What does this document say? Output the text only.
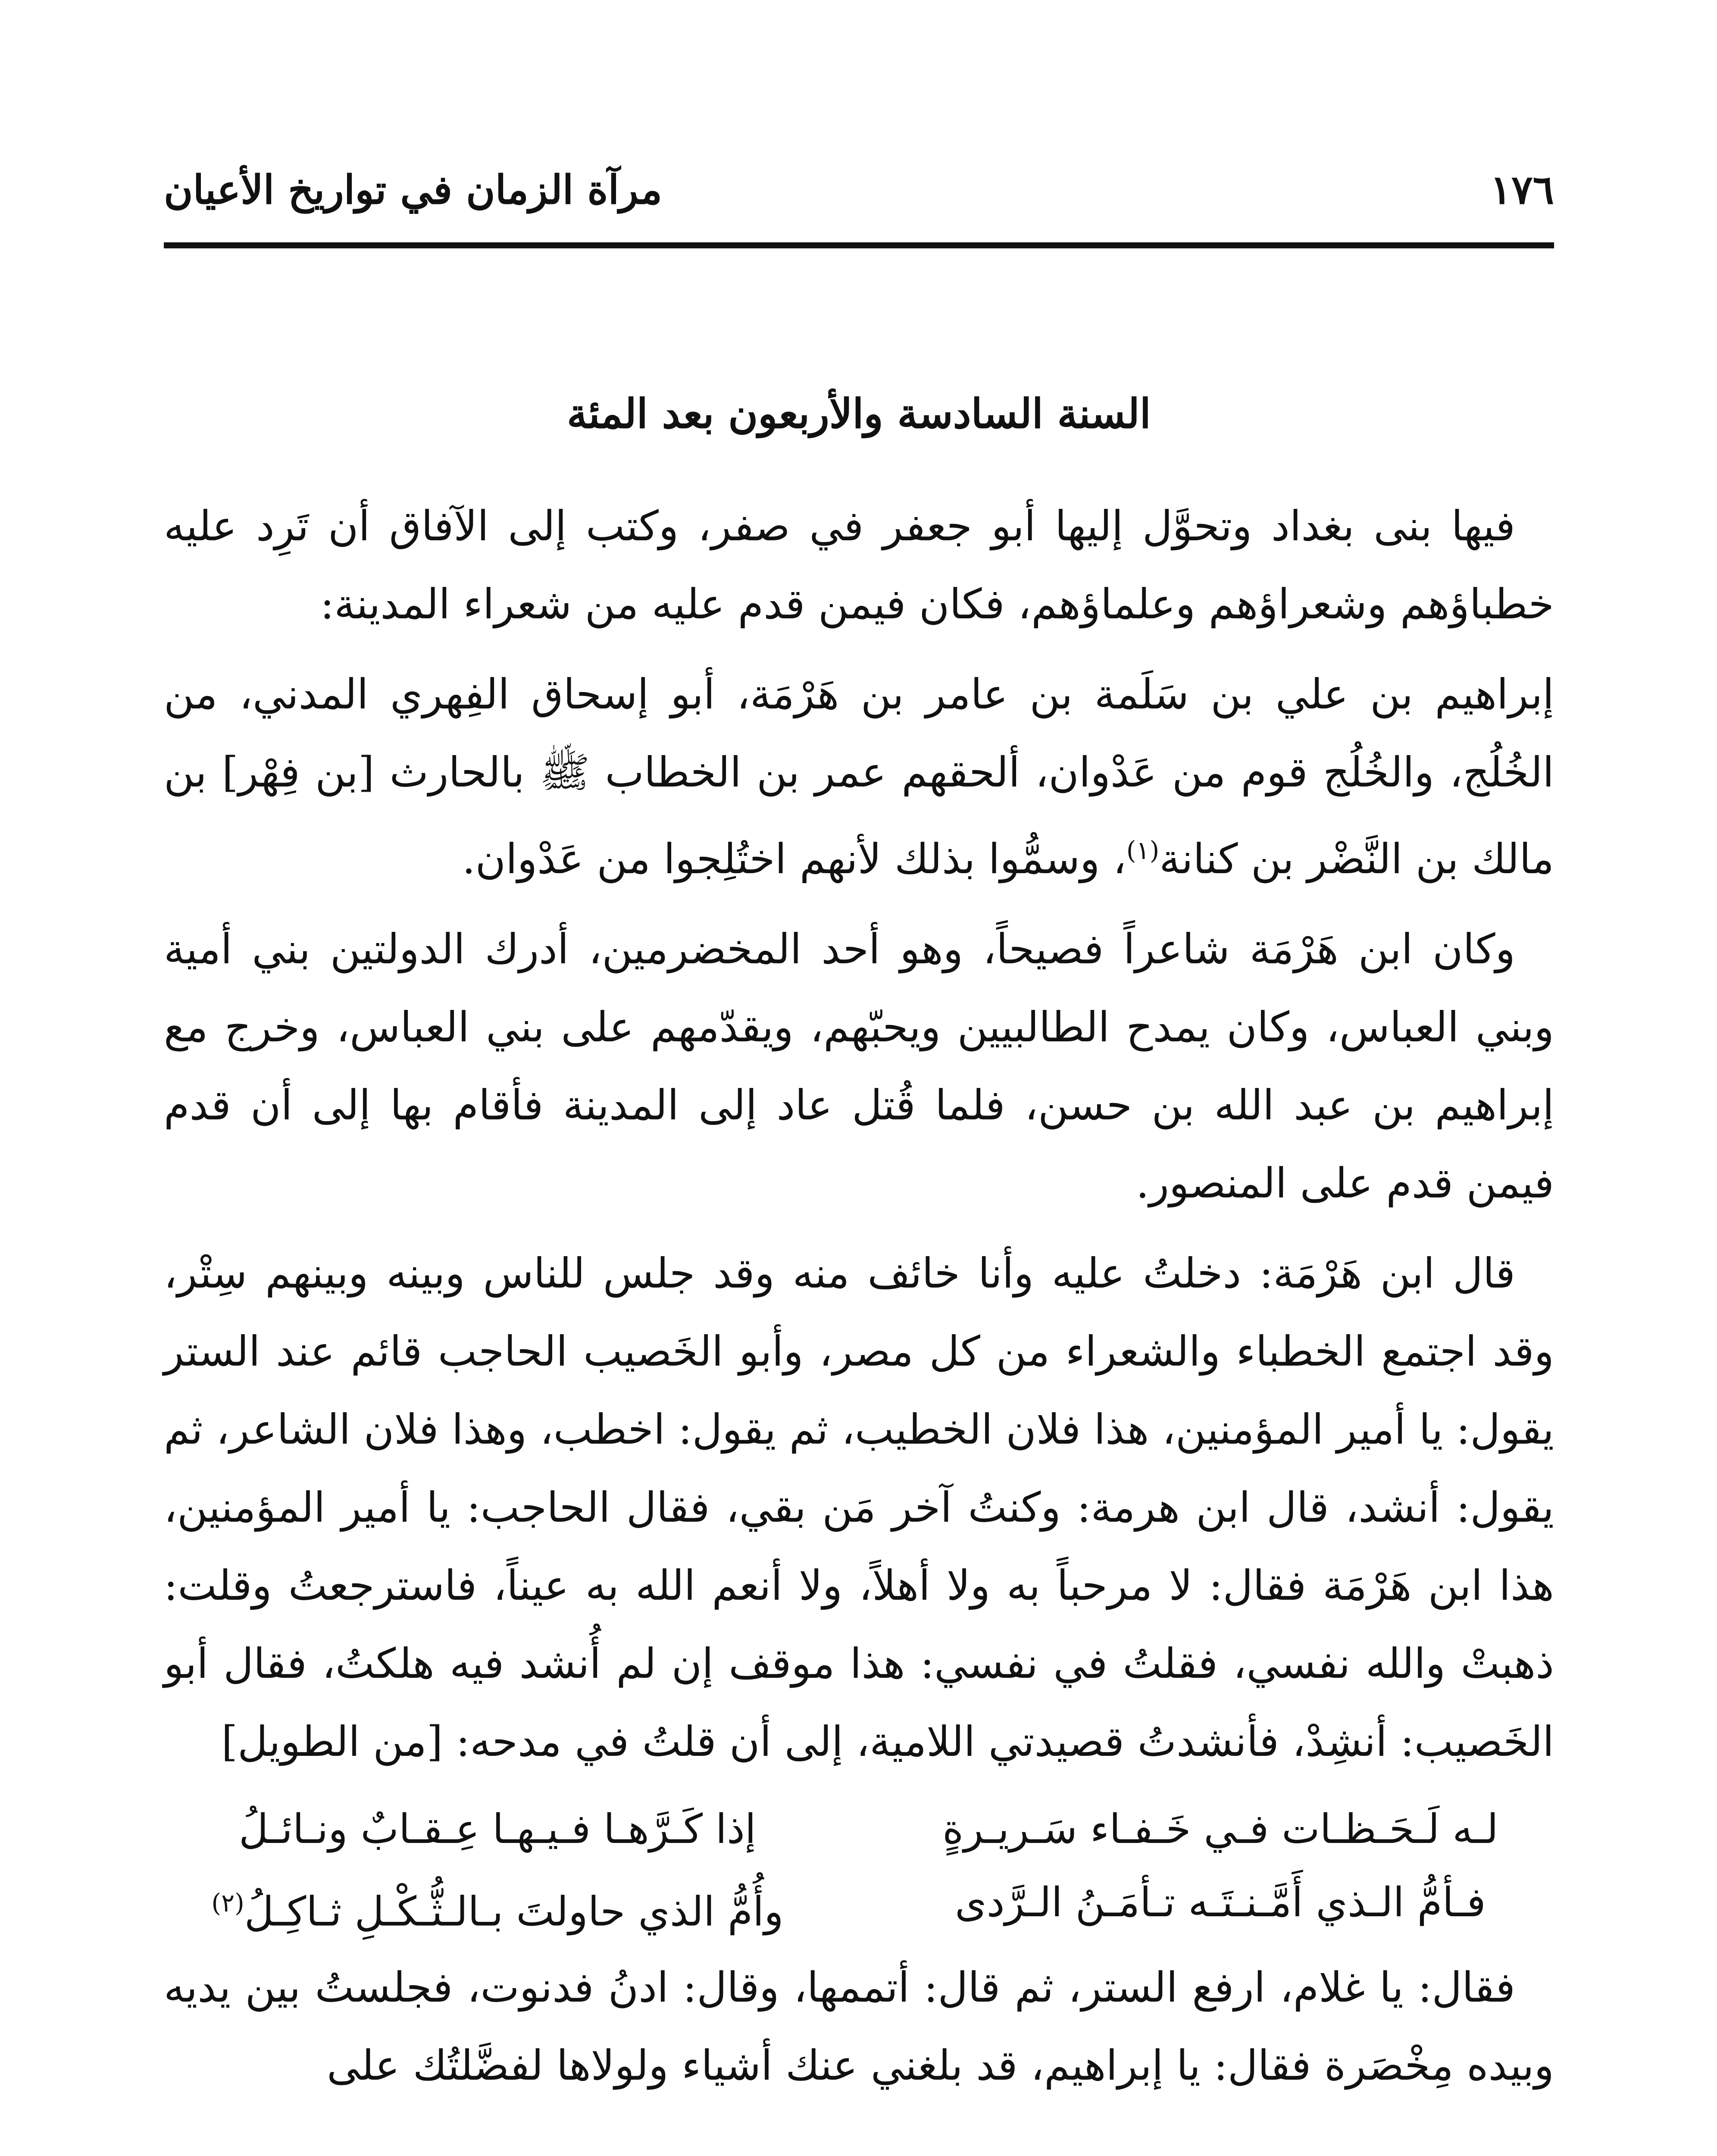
١٧٦
مرآة الزمان في تواريخ الأعيان
السنة السادسة والأربعون بعد المئة

فيها بنى بغداد وتحوَّل إليها أبو جعفر في صفر، وكتب إلى الآفاق أن تَرِد عليه خطباؤهم وشعراؤهم وعلماؤهم، فكان فيمن قدم عليه من شعراء المدينة:

إبراهيم بن علي بن سَلَمة بن عامر بن هَرْمَة، أبو إسحاق الفِهري المدني، من الخُلُج، والخُلُج قوم من عَدْوان، ألحقهم عمر بن الخطاب ﷺ بالحارث [بن فِهْر] بن مالك بن النَّضْر بن كنانة$^{(١)}$، وسمُّوا بذلك لأنهم اختُلِجوا من عَدْوان.

وكان ابن هَرْمَة شاعراً فصيحاً، وهو أحد المخضرمين، أدرك الدولتين بني أمية وبني العباس، وكان يمدح الطالبيين ويحبّهم، ويقدّمهم على بني العباس، وخرج مع إبراهيم بن عبد الله بن حسن، فلما قُتل عاد إلى المدينة فأقام بها إلى أن قدم فيمن قدم على المنصور.

قال ابن هَرْمَة: دخلتُ عليه وأنا خائف منه وقد جلس للناس وبينه وبينهم سِتْر، وقد اجتمع الخطباء والشعراء من كل مصر، وأبو الخَصيب الحاجب قائم عند الستر يقول: يا أمير المؤمنين، هذا فلان الخطيب، ثم يقول: اخطب، وهذا فلان الشاعر، ثم يقول: أنشد، قال ابن هرمة: وكنتُ آخر مَن بقي، فقال الحاجب: يا أمير المؤمنين، هذا ابن هَرْمَة فقال: لا مرحباً به ولا أهلاً، ولا أنعم الله به عيناً، فاسترجعتُ وقلت: ذهبتْ والله نفسي، فقلتُ في نفسي: هذا موقف إن لم أُنشد فيه هلكتُ، فقال أبو الخَصيب: أنشِدْ، فأنشدتُ قصيدتي اللامية، إلى أن قلتُ في مدحه: [من الطويل]

لـه لَـحَـظـات فـي خَـفـاء سَـريـرةٍ
إذا كَـرَّهـا فـيـهـا عِـقـابٌ ونـائـلُ
فـأمُّ الـذي أَمَّـنـتَـه تـأمَـنُ الـرَّدى
وأُمُّ الذي حاولتَ بـالـثُّـكْـلِ ثـاكِـلُ$^{(٢)}$

فقال: يا غلام، ارفع الستر، ثم قال: أتممها، وقال: ادنُ فدنوت، فجلستُ بين يديه وبيده مِخْصَرة فقال: يا إبراهيم، قد بلغني عنك أشياء ولولاها لفضَّلتُك على
